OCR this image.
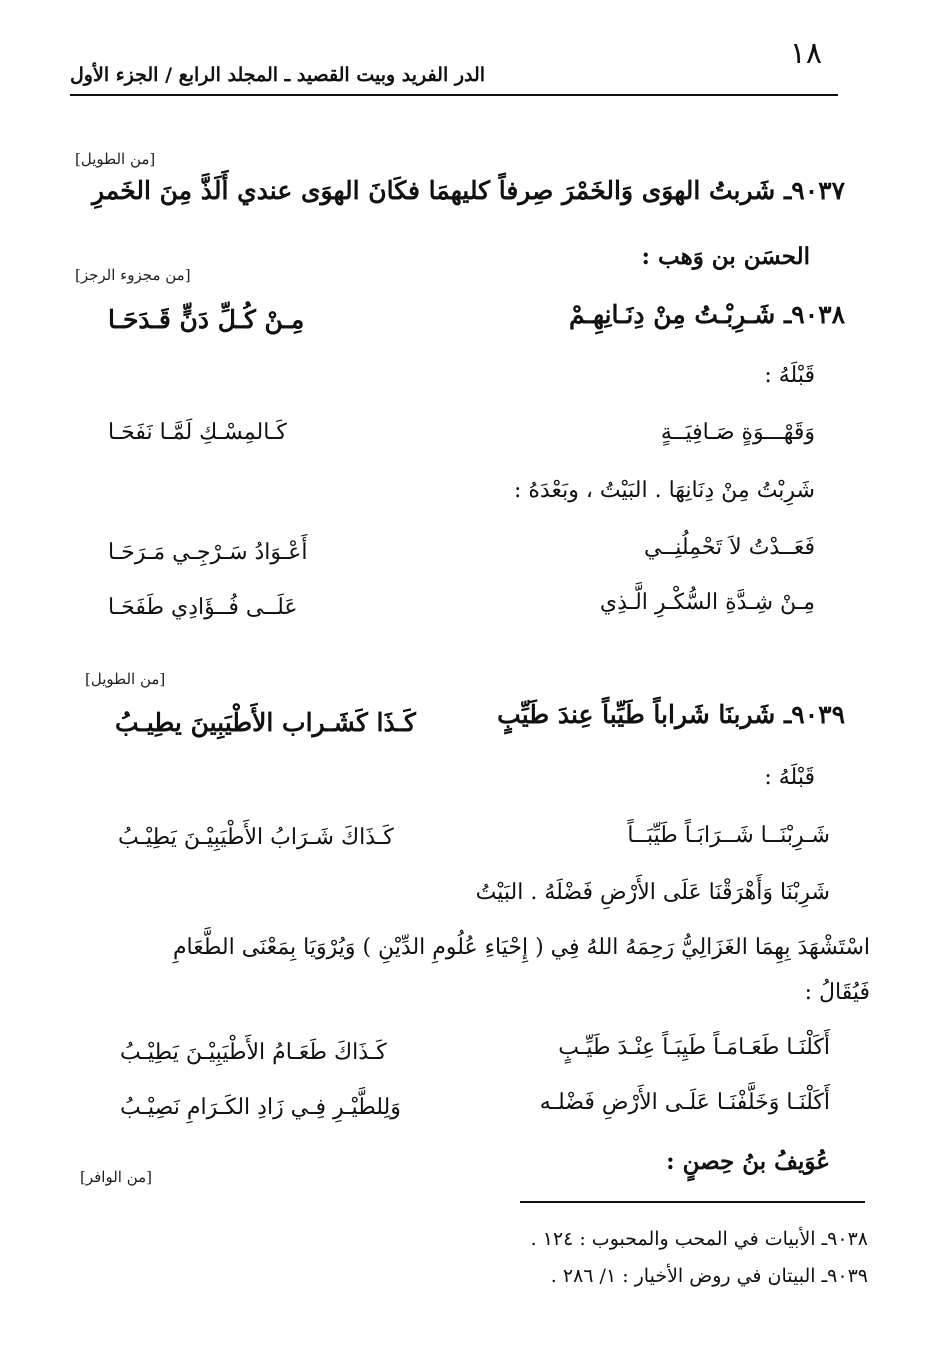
١٨
الدر الفريد وبيت القصيد ـ المجلد الرابع / الجزء الأول
[من الطويل]
٩٠٣٧ـ شَربتُ الهوَى وَالخَمْرَ صِرفاً كليهمَا فكَانَ الهوَى عندي أَلَذَّ مِنَ الخَمرِ
الحسَن بن وَهب :
[من مجزوء الرجز]
٩٠٣٨ـ شَـرِبْـتُ مِنْ دِنَـانِهِـمْ
مِـنْ كُـلِّ دَنٍّ قَـدَحَـا
قَبْلَهُ :
وَقَهْـــوَةٍ صَـافِيَــةٍ
كَـالمِسْـكِ لَمَّـا نَفَحَـا
شَرِبْتُ مِنْ دِنَانِهَا . البَيْتُ ، وبَعْدَهُ :
فَعَــدْتُ لاَ تَحْمِلُنِــي
أَعْـوَادُ سَـرْجِـي مَـرَحَـا
مِـنْ شِـدَّةِ السُّكْـرِ الَّـذِي
عَلَــى فُــؤَادِي طَفَحَـا
[من الطويل]
٩٠٣٩ـ شَربنَا شَراباً طَيِّباً عِندَ طَيِّبٍ
كَـذَا كَشَـراب الأَطْيَبِينَ يطِيـبُ
قَبْلَهُ :
شَـرِبْنَــا شَــرَابَـاً طَيِّبَــاً
كَـذَاكَ شَـرَابُ الأَطْيَبِيْـنَ يَطِيْـبُ
شَرِبْنَا وَأَهْرَقْنَا عَلَى الأَرْضِ فَضْلَهُ . البَيْتُ
اسْتَشْهَدَ بِهِمَا الغَزَالِيُّ رَحِمَهُ اللهُ فِي ( إِحْيَاءِ عُلُومِ الدِّيْنِ ) وَيُرْوَيَا بِمَعْنَى الطَّعَامِ
فَيُقَالُ :
أَكَلْنَـا طَعَـامَـاً طَيِبَـاً عِنْـدَ طَيِّـبٍ
كَـذَاكَ طَعَـامُ الأَطْيَبِيْـنَ يَطِيْـبُ
أَكَلْنَـا وَخَلَّفْنَـا عَلَـى الأَرْضِ فَضْلـه
وَلِلطَّيْـرِ فِـي زَادِ الكَـرَامِ نَصِيْـبُ
عُوَيفُ بنُ حِصنٍ :
[من الوافر]
٩٠٣٨ـ الأبيات في المحب والمحبوب : ١٢٤ .
٩٠٣٩ـ البيتان في روض الأخيار : ١/ ٢٨٦ .
